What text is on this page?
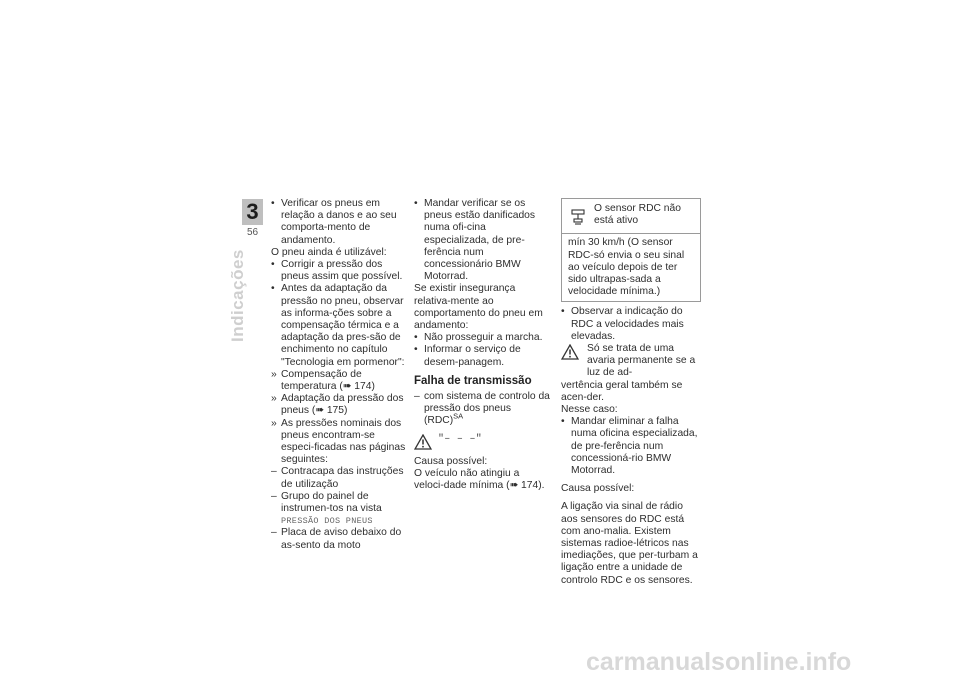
3
56
Indicações
• Verificar os pneus em relação a danos e ao seu comporta-mento de andamento.
O pneu ainda é utilizável:
• Corrigir a pressão dos pneus assim que possível.
• Antes da adaptação da pressão no pneu, observar as informa-ções sobre a compensação térmica e a adaptação da pres-são de enchimento no capítulo "Tecnologia em pormenor":
» Compensação de temperatura (➠ 174)
» Adaptação da pressão dos pneus (➠ 175)
» As pressões nominais dos pneus encontram-se especi-ficadas nas páginas seguintes:
– Contracapa das instruções de utilização
– Grupo do painel de instrumen-tos na vista PRESSÃO DOS PNEUS
– Placa de aviso debaixo do as-sento da moto
• Mandar verificar se os pneus estão danificados numa ofi-cina especializada, de pre-ferência num concessionário BMW Motorrad.
Se existir insegurança relativa-mente ao comportamento do pneu em andamento:
• Não prosseguir a marcha.
• Informar o serviço de desem-panagem.
Falha de transmissão
– com sistema de controlo da pressão dos pneus (RDC)$^{SA}$
"– – –"
Causa possível:
O veículo não atingiu a veloci-dade mínima (➠ 174).
O sensor RDC não está ativo
mín 30 km/h (O sensor RDC-só envia o seu sinal ao veículo depois de ter sido ultrapas-sada a velocidade mínima.)
• Observar a indicação do RDC a velocidades mais elevadas.
Só se trata de uma avaria permanente se a luz de ad-
vertência geral também se acen-der.
Nesse caso:
• Mandar eliminar a falha numa oficina especializada, de pre-ferência num concessioná-rio BMW Motorrad.
Causa possível:
A ligação via sinal de rádio aos sensores do RDC está com ano-malia. Existem sistemas radioe-létricos nas imediações, que per-turbam a ligação entre a unidade de controlo RDC e os sensores.
carmanualsonline.info
